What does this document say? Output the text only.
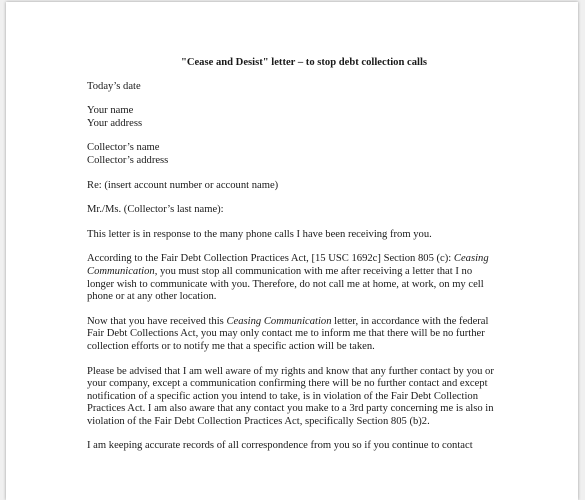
"Cease and Desist" letter – to stop debt collection calls
Today’s date
Your name
Your address
Collector’s name
Collector’s address
Re: (insert account number or account name)
Mr./Ms. (Collector’s last name):
This letter is in response to the many phone calls I have been receiving from you.
According to the Fair Debt Collection Practices Act, [15 USC 1692c] Section 805 (c): Ceasing
Communication, you must stop all communication with me after receiving a letter that I no
longer wish to communicate with you. Therefore, do not call me at home, at work, on my cell
phone or at any other location.
Now that you have received this Ceasing Communication letter, in accordance with the federal
Fair Debt Collections Act, you may only contact me to inform me that there will be no further
collection efforts or to notify me that a specific action will be taken.
Please be advised that I am well aware of my rights and know that any further contact by you or
your company, except a communication confirming there will be no further contact and except
notification of a specific action you intend to take, is in violation of the Fair Debt Collection
Practices Act. I am also aware that any contact you make to a 3rd party concerning me is also in
violation of the Fair Debt Collection Practices Act, specifically Section 805 (b)2.
I am keeping accurate records of all correspondence from you so if you continue to contact
